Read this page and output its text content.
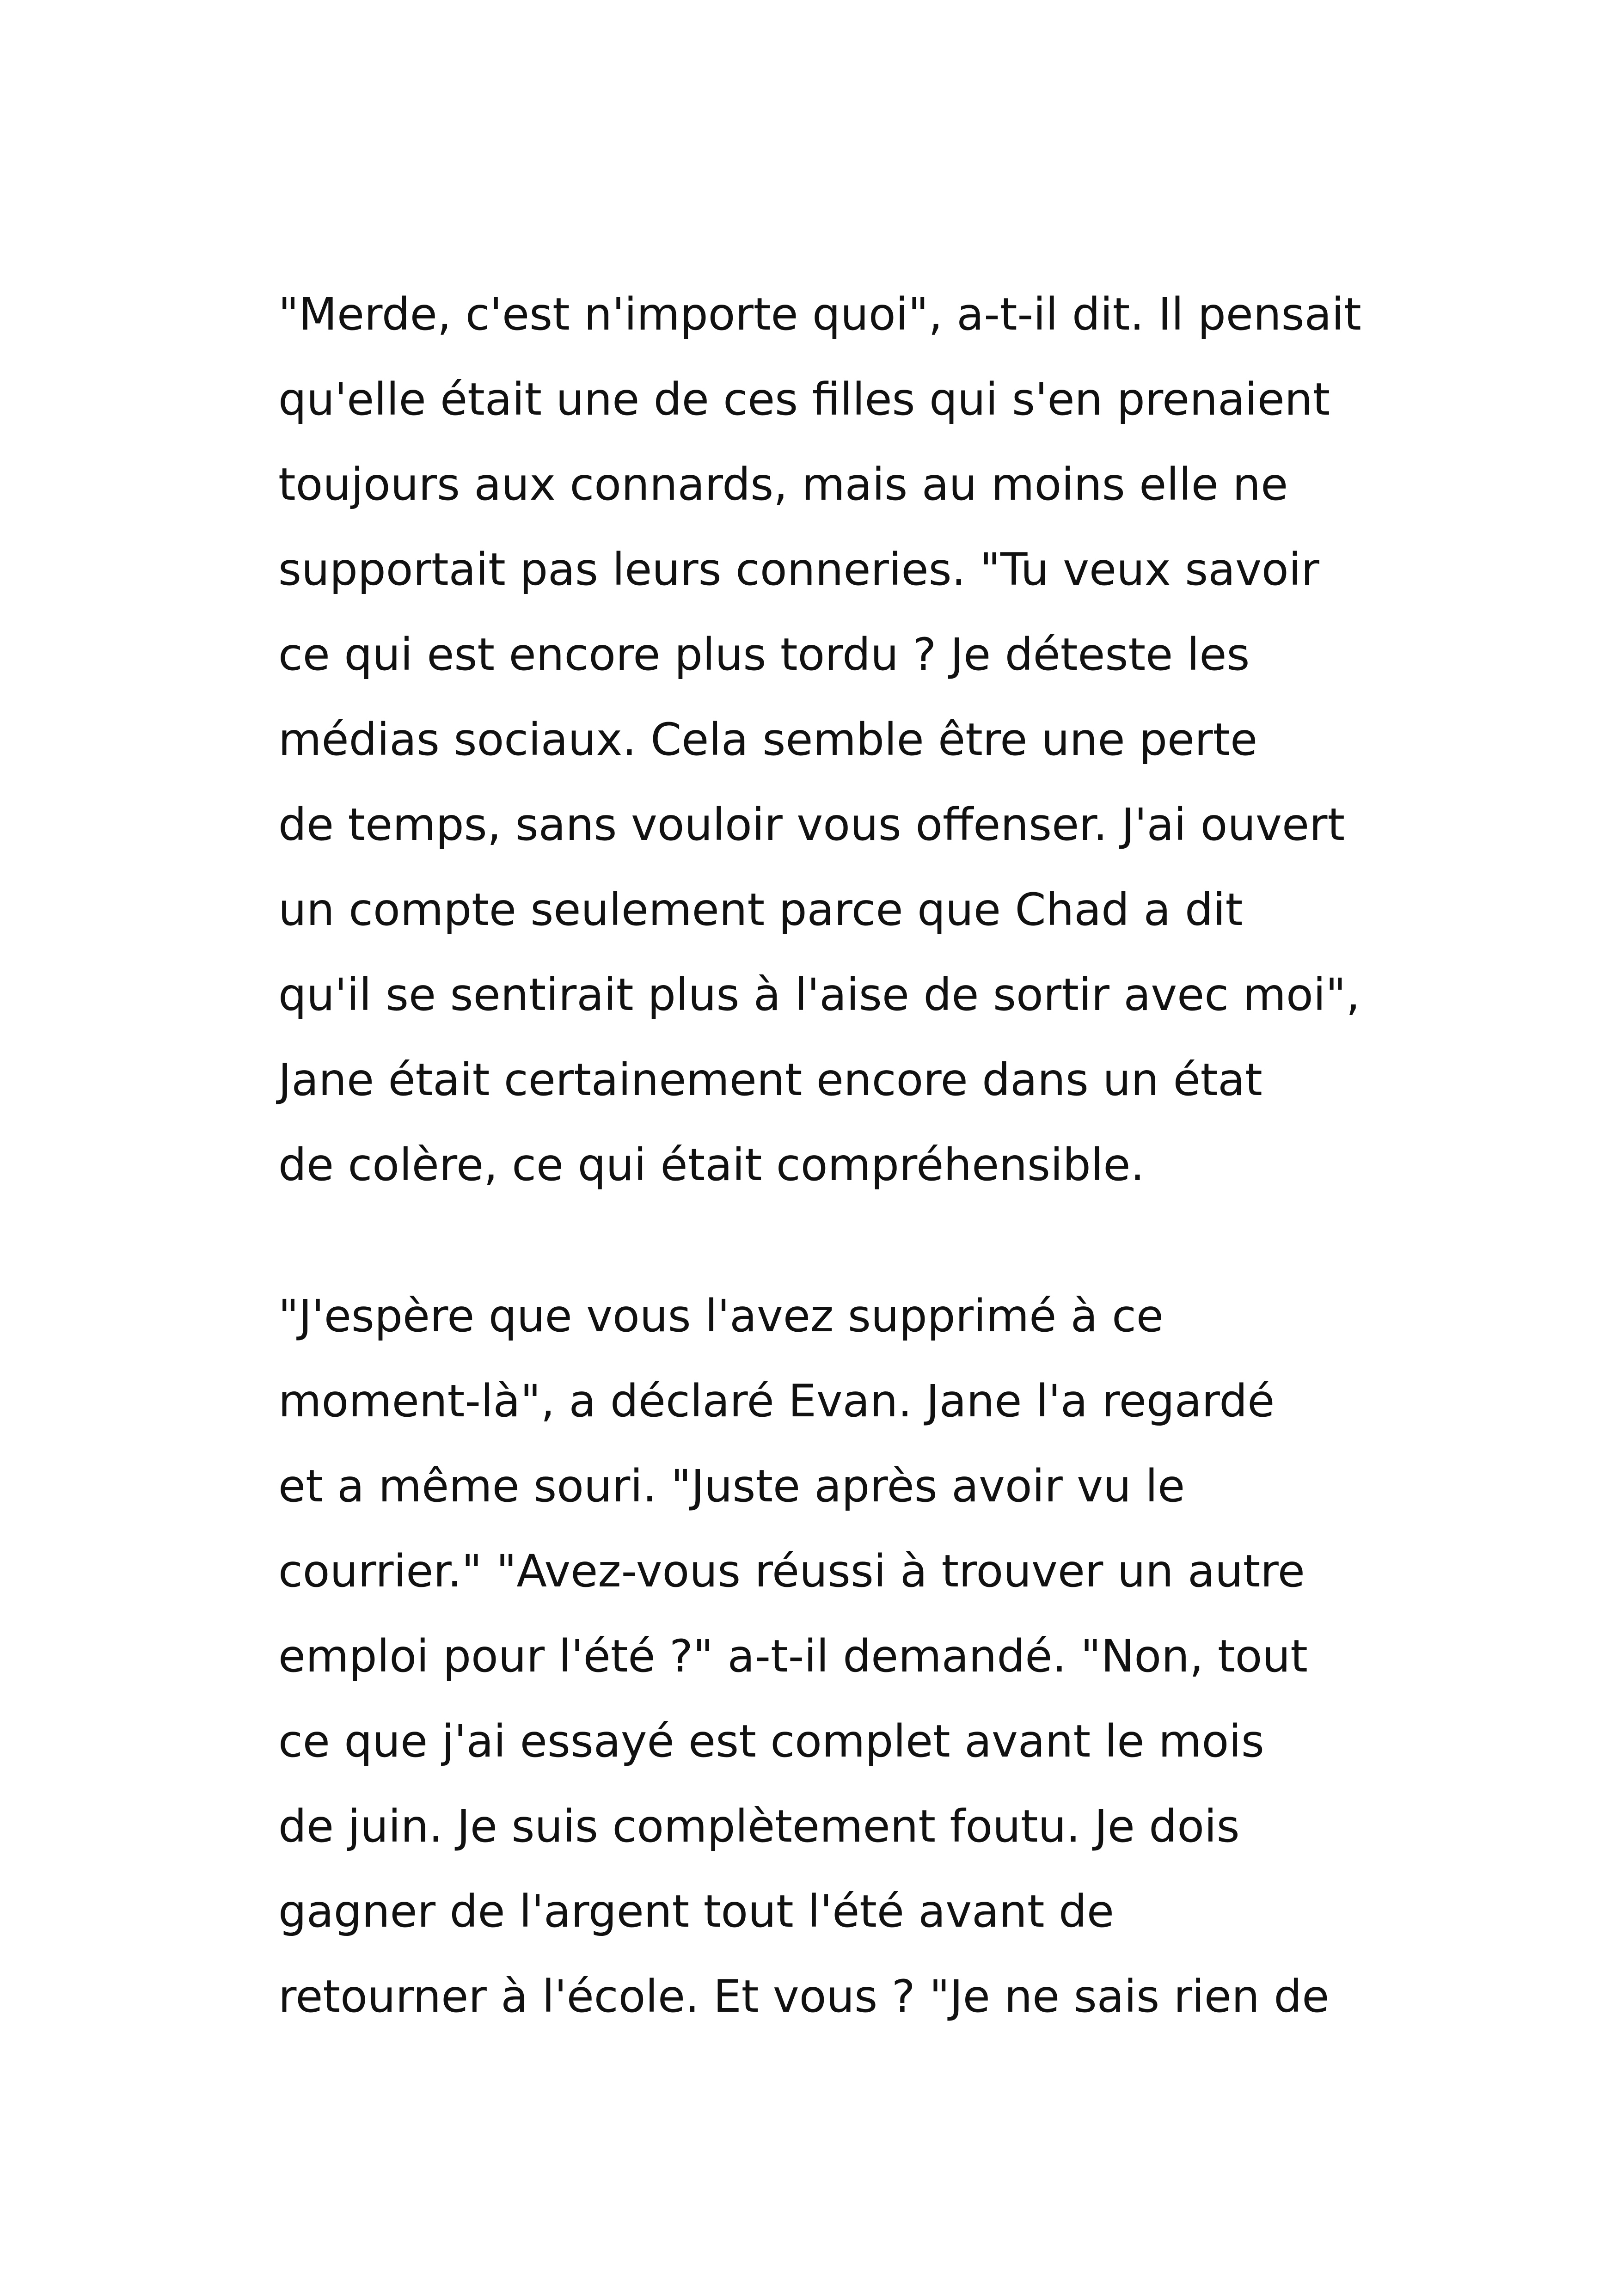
"Merde, c'est n'importe quoi", a-t-il dit. Il pensait
qu'elle était une de ces filles qui s'en prenaient
toujours aux connards, mais au moins elle ne
supportait pas leurs conneries. "Tu veux savoir
ce qui est encore plus tordu ? Je déteste les
médias sociaux. Cela semble être une perte
de temps, sans vouloir vous offenser. J'ai ouvert
un compte seulement parce que Chad a dit
qu'il se sentirait plus à l'aise de sortir avec moi",
Jane était certainement encore dans un état
de colère, ce qui était compréhensible.
"J'espère que vous l'avez supprimé à ce
moment-là", a déclaré Evan. Jane l'a regardé
et a même souri. "Juste après avoir vu le
courrier." "Avez-vous réussi à trouver un autre
emploi pour l'été ?" a-t-il demandé. "Non, tout
ce que j'ai essayé est complet avant le mois
de juin. Je suis complètement foutu. Je dois
gagner de l'argent tout l'été avant de
retourner à l'école. Et vous ? "Je ne sais rien de
